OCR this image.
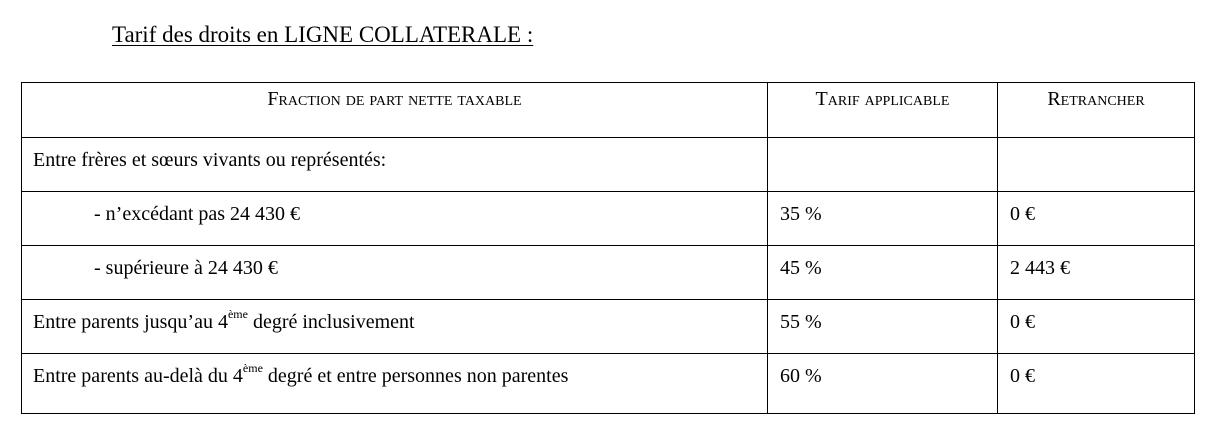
Tarif des droits en LIGNE COLLATERALE :
Fraction de part nette taxable	Tarif applicable	Retrancher
Entre frères et sœurs vivants ou représentés:		
- n’excédant pas 24 430 €	35 %	0 €
- supérieure à 24 430 €	45 %	2 443 €
Entre parents jusqu’au 4ème degré inclusivement	55 %	0 €
Entre parents au-delà du 4ème degré et entre personnes non parentes	60 %	0 €
